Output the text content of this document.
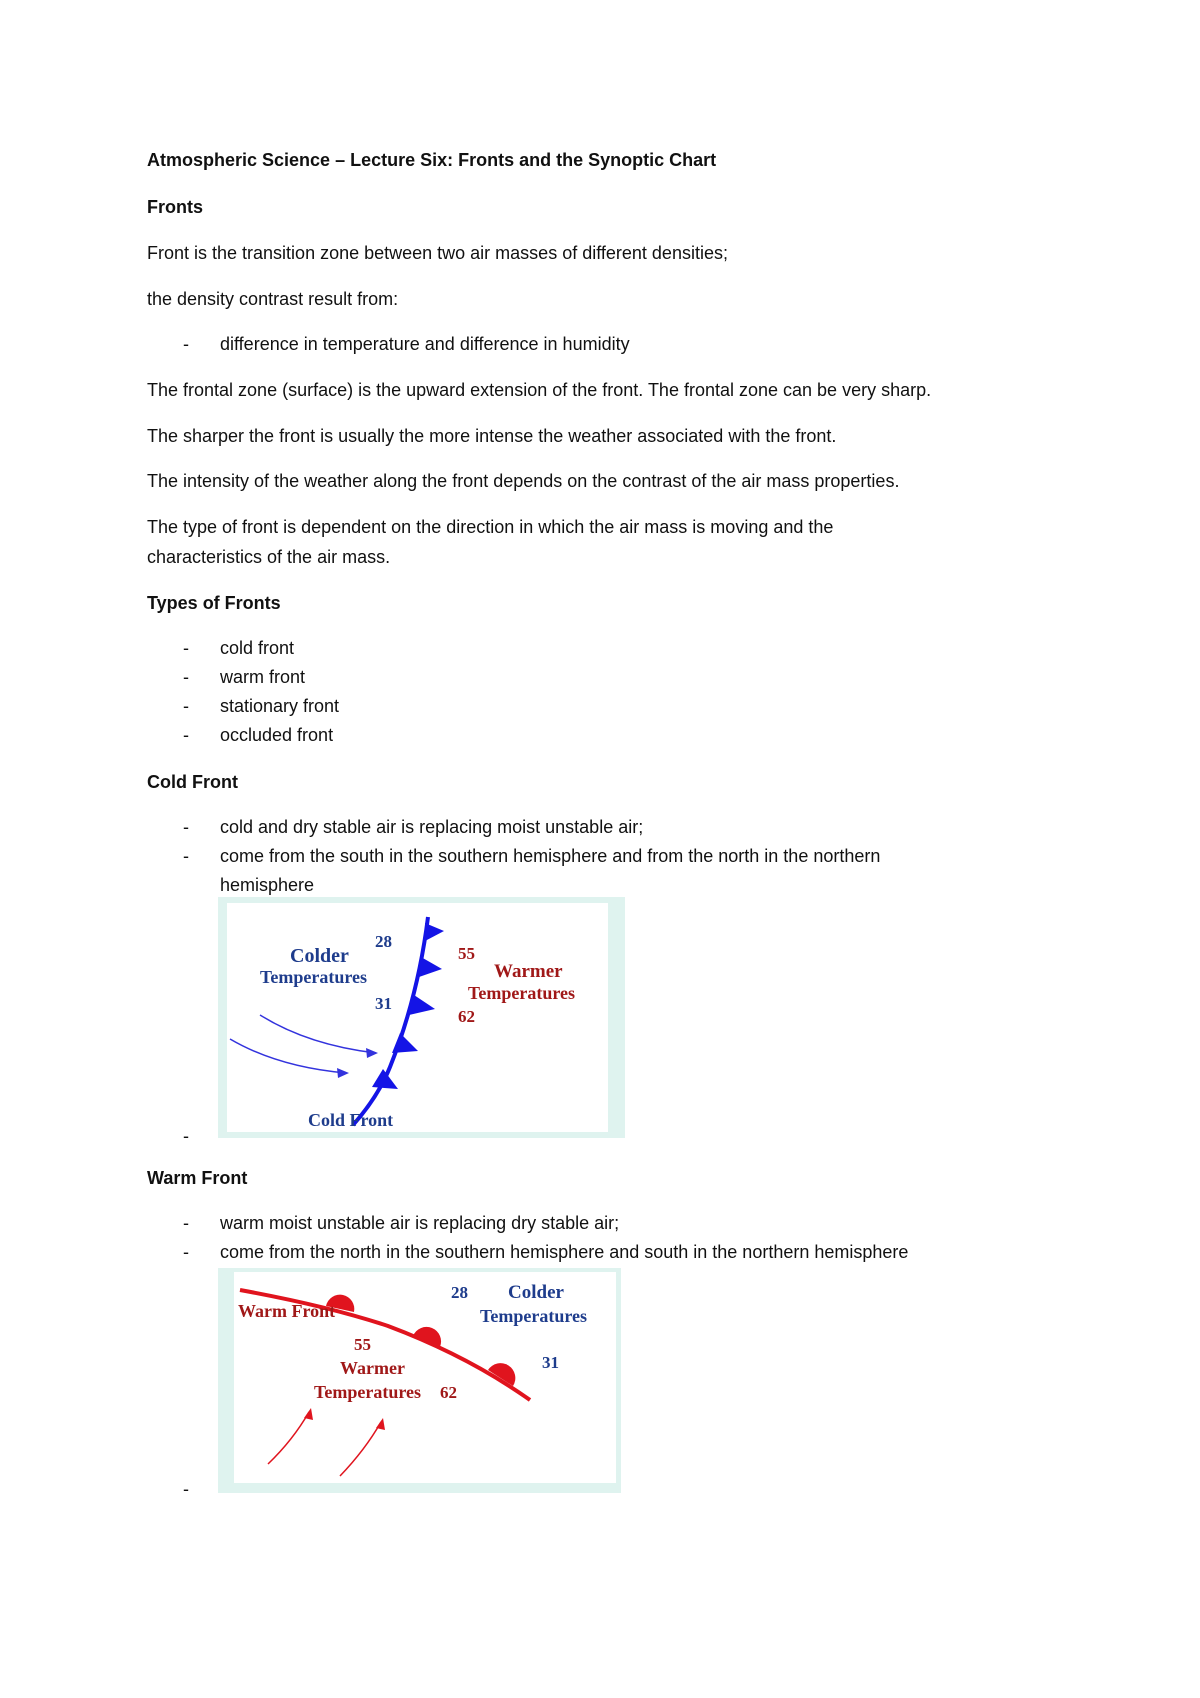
Atmospheric Science – Lecture Six: Fronts and the Synoptic Chart
Fronts
Front is the transition zone between two air masses of different densities;
the density contrast result from:
- difference in temperature and difference in humidity
The frontal zone (surface) is the upward extension of the front. The frontal zone can be very sharp.
The sharper the front is usually the more intense the weather associated with the front.
The intensity of the weather along the front depends on the contrast of the air mass properties.
The type of front is dependent on the direction in which the air mass is moving and the
characteristics of the air mass.
Types of Fronts
- cold front
- warm front
- stationary front
- occluded front
Cold Front
- cold and dry stable air is replacing moist unstable air;
- come from the south in the southern hemisphere and from the north in the northern
hemisphere
Colder
Temperatures
28
31
55
62
Warmer
Temperatures
Cold Front
-
Warm Front
- warm moist unstable air is replacing dry stable air;
- come from the north in the southern hemisphere and south in the northern hemisphere
Warm Front
28 Colder
Temperatures
31
55
Warmer
Temperatures 62
-
